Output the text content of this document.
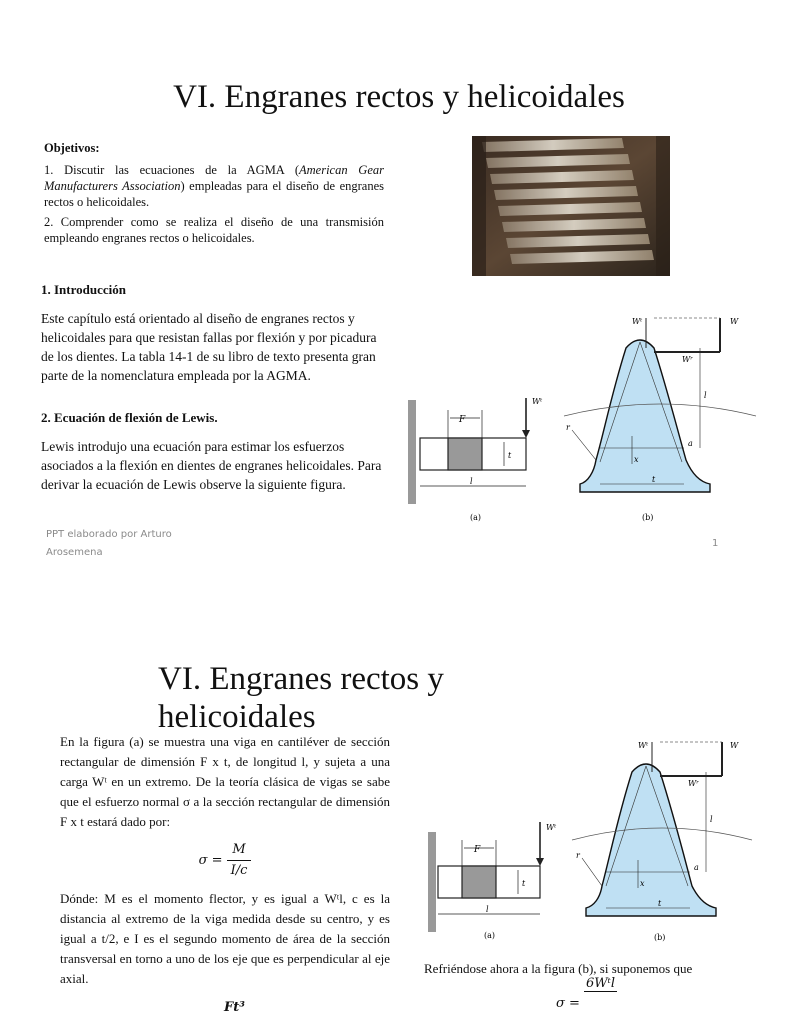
VI. Engranes rectos y helicoidales
Objetivos:

1. Discutir las ecuaciones de la AGMA (American Gear Manufacturers Association) empleadas para el diseño de engranes rectos o helicoidales.

2. Comprender como se realiza el diseño de una transmisión empleando engranes rectos o helicoidales.

1. Introducción

Este capítulo está orientado al diseño de engranes rectos y helicoidales para que resistan fallas por flexión y por picadura de los dientes. La tabla 14-1 de su libro de texto presenta gran parte de la nomenclatura empleada por la AGMA.

2. Ecuación de flexión de Lewis.

Lewis introdujo una ecuación para estimar los esfuerzos asociados a la flexión en dientes de engranes helicoidales. Para derivar la ecuación de Lewis observe la siguiente figura.

F
t
Wᵗ
l
(a)
Wᵗ	W
Wʳ
l
a
x
t
r
(b)
PPT elaborado por Arturo
Arosemena
1
VI. Engranes rectos y helicoidales

En la figura (a) se muestra una viga en cantiléver de sección rectangular de dimensión F x t, de longitud l, y sujeta a una carga Wᵗ en un extremo. De la teoría clásica de vigas se sabe que el esfuerzo normal σ a la sección rectangular de dimensión F x t estará dado por:

$\sigma = \frac{M}{I/c}$

Dónde: M es el momento flector, y es igual a Wᵗl, c es la distancia al extremo de la viga medida desde su centro, y es igual a t/2, e I es el segundo momento de área de la sección transversal en torno a uno de los eje que es perpendicular al eje axial.

Ft³
F
t
Wᵗ
l
(a)
Wᵗ	W
Wʳ
l
a
x
t
r
(b)
Refriéndose ahora a la figura (b), si suponemos que
6Wᵗl
σ =
